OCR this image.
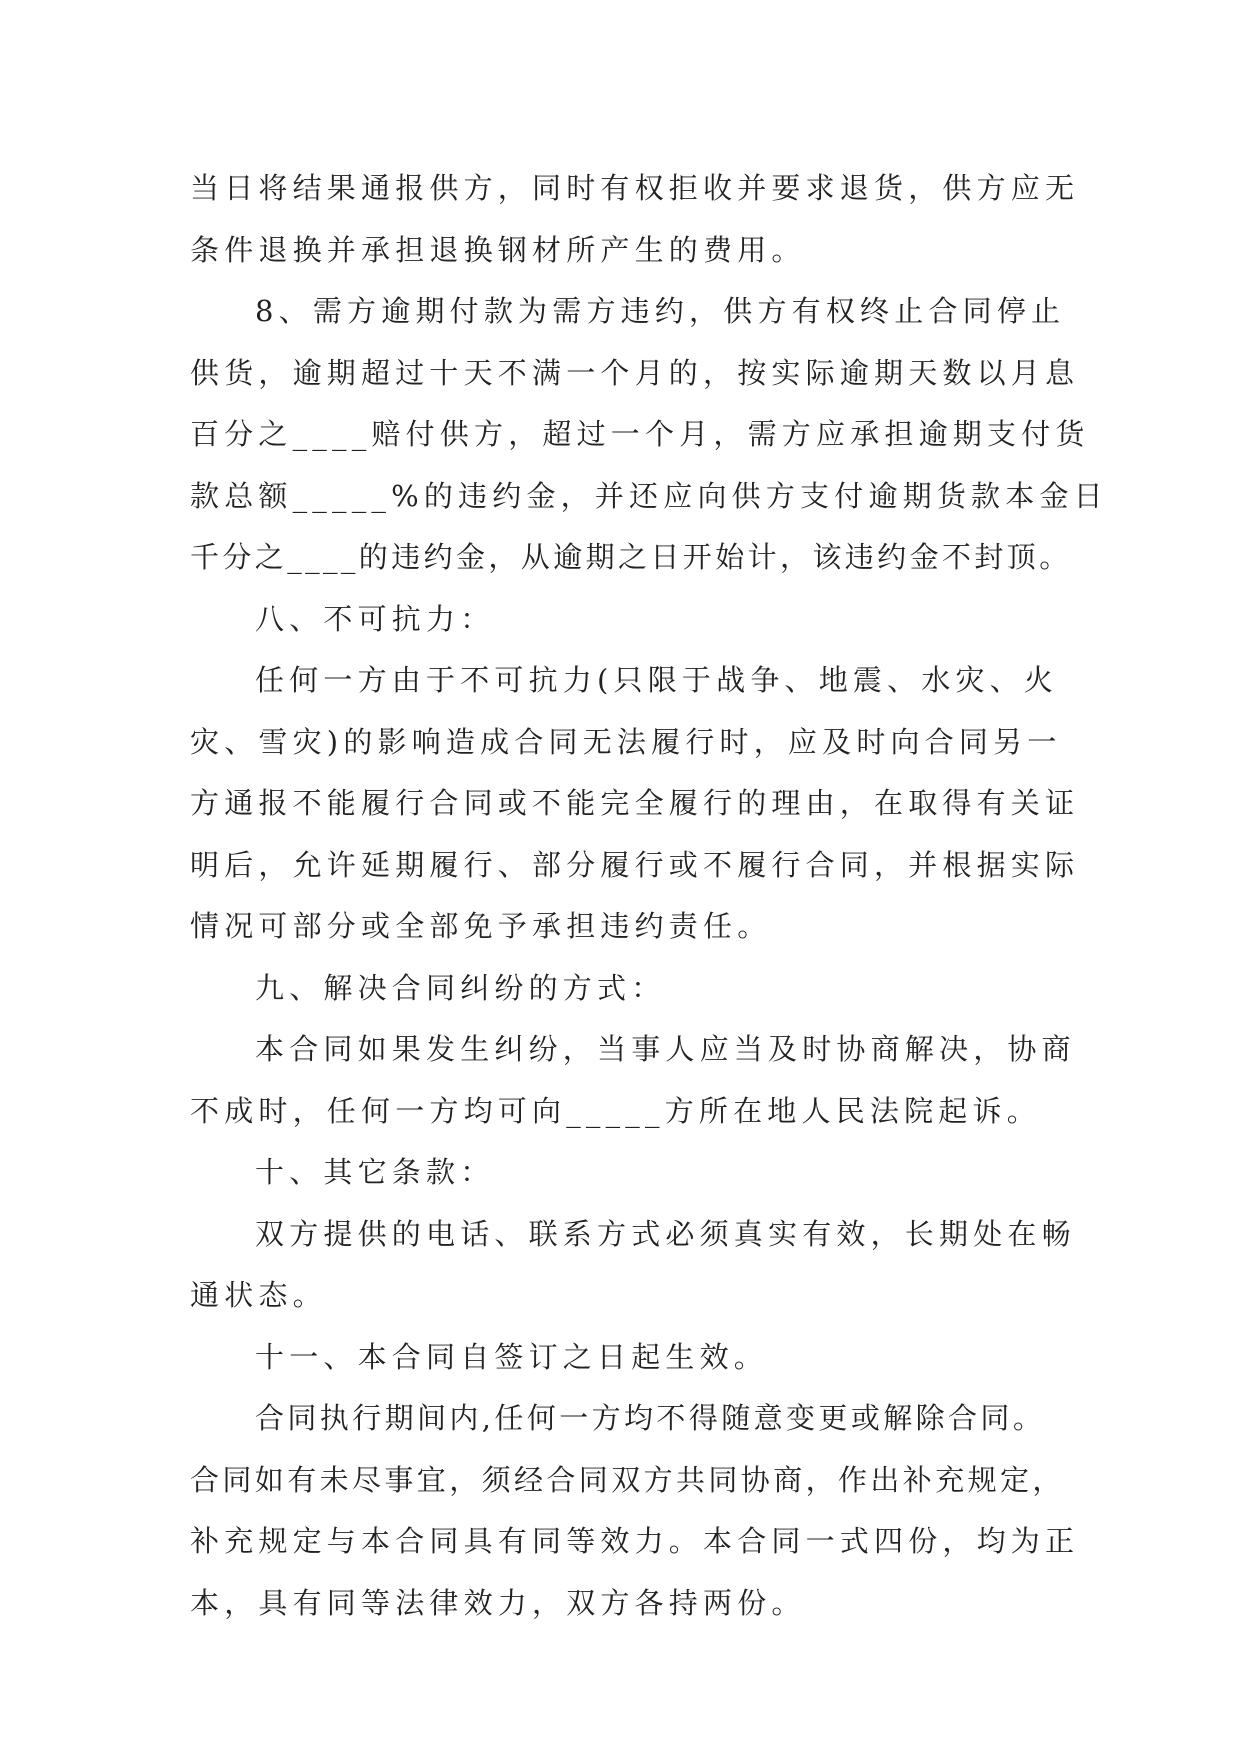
当日将结果通报供方，同时有权拒收并要求退货，供方应无
条件退换并承担退换钢材所产生的费用。
8、需方逾期付款为需方违约，供方有权终止合同停止
供货，逾期超过十天不满一个月的，按实际逾期天数以月息
百分之____赔付供方，超过一个月，需方应承担逾期支付货
款总额_____%的违约金，并还应向供方支付逾期货款本金日
千分之____的违约金，从逾期之日开始计，该违约金不封顶。
八、不可抗力：
任何一方由于不可抗力(只限于战争、地震、水灾、火
灾、雪灾)的影响造成合同无法履行时，应及时向合同另一
方通报不能履行合同或不能完全履行的理由，在取得有关证
明后，允许延期履行、部分履行或不履行合同，并根据实际
情况可部分或全部免予承担违约责任。
九、解决合同纠纷的方式：
本合同如果发生纠纷，当事人应当及时协商解决，协商
不成时，任何一方均可向_____方所在地人民法院起诉。
十、其它条款：
双方提供的电话、联系方式必须真实有效，长期处在畅
通状态。
十一、本合同自签订之日起生效。
合同执行期间内,任何一方均不得随意变更或解除合同。
合同如有未尽事宜，须经合同双方共同协商，作出补充规定，
补充规定与本合同具有同等效力。本合同一式四份，均为正
本，具有同等法律效力，双方各持两份。
